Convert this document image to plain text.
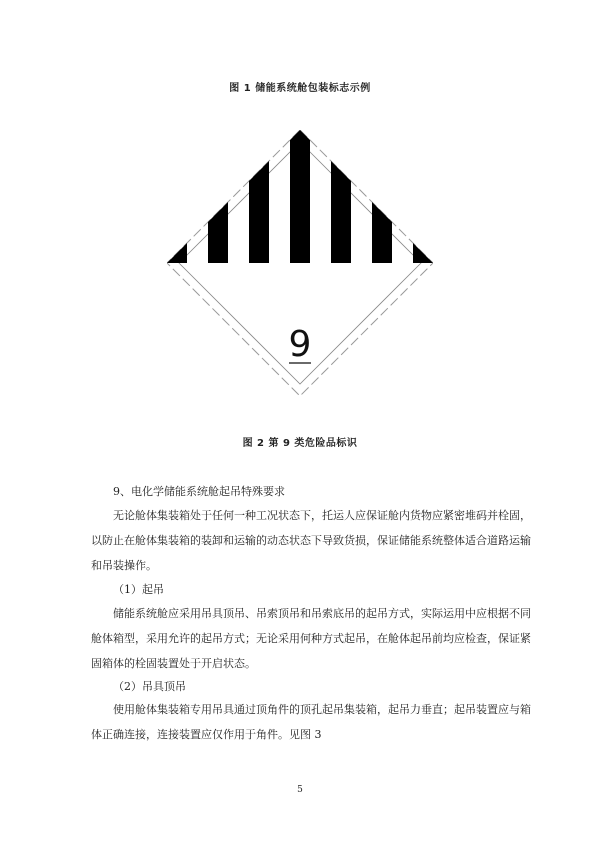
图 1 储能系统舱包装标志示例
9
图 2 第 9 类危险品标识
9、电化学储能系统舱起吊特殊要求
无论舱体集装箱处于任何一种工况状态下，托运人应保证舱内货物应紧密堆码并栓固，
以防止在舱体集装箱的装卸和运输的动态状态下导致货损，保证储能系统整体适合道路运输
和吊装操作。
（1）起吊
储能系统舱应采用吊具顶吊、吊索顶吊和吊索底吊的起吊方式，实际运用中应根据不同
舱体箱型，采用允许的起吊方式；无论采用何种方式起吊，在舱体起吊前均应检查，保证紧
固箱体的栓固装置处于开启状态。
（2）吊具顶吊
使用舱体集装箱专用吊具通过顶角件的顶孔起吊集装箱，起吊力垂直；起吊装置应与箱
体正确连接，连接装置应仅作用于角件。见图 3
5
